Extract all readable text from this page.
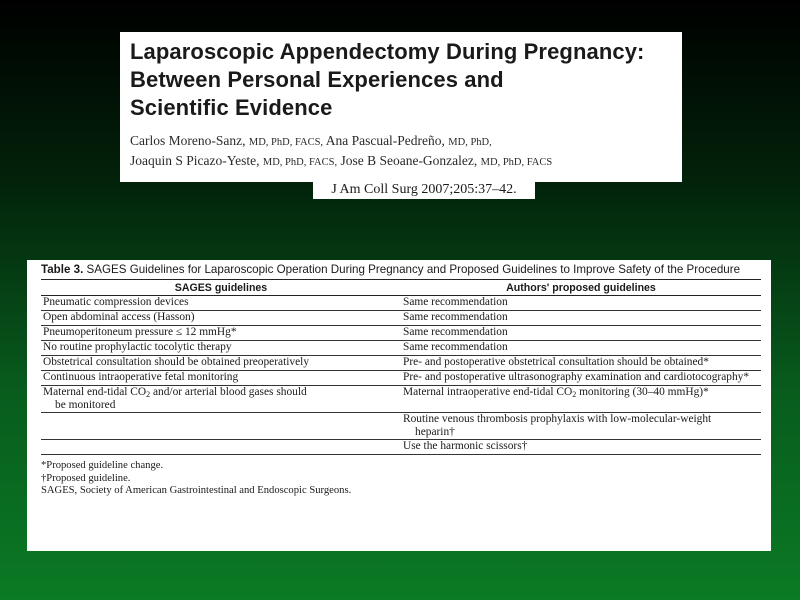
Laparoscopic Appendectomy During Pregnancy:
Between Personal Experiences and
Scientific Evidence
Carlos Moreno-Sanz, MD, PhD, FACS, Ana Pascual-Pedreño, MD, PhD,
Joaquin S Picazo-Yeste, MD, PhD, FACS, Jose B Seoane-Gonzalez, MD, PhD, FACS
J Am Coll Surg 2007;205:37–42.
Table 3. SAGES Guidelines for Laparoscopic Operation During Pregnancy and Proposed Guidelines to Improve Safety of the Procedure
SAGES guidelines	Authors' proposed guidelines
Pneumatic compression devices	Same recommendation
Open abdominal access (Hasson)	Same recommendation
Pneumoperitoneum pressure ≤ 12 mmHg*	Same recommendation
No routine prophylactic tocolytic therapy	Same recommendation
Obstetrical consultation should be obtained preoperatively	Pre- and postoperative obstetrical consultation should be obtained*
Continuous intraoperative fetal monitoring	Pre- and postoperative ultrasonography examination and cardiotocography*
Maternal end-tidal $CO_2$ and/or arterial blood gases should
be monitored	Maternal intraoperative end-tidal $CO_2$ monitoring (30–40 mmHg)*
	Routine venous thrombosis prophylaxis with low-molecular-weight
heparin†

	Use the harmonic scissors†
*Proposed guideline change.
†Proposed guideline.
SAGES, Society of American Gastrointestinal and Endoscopic Surgeons.
